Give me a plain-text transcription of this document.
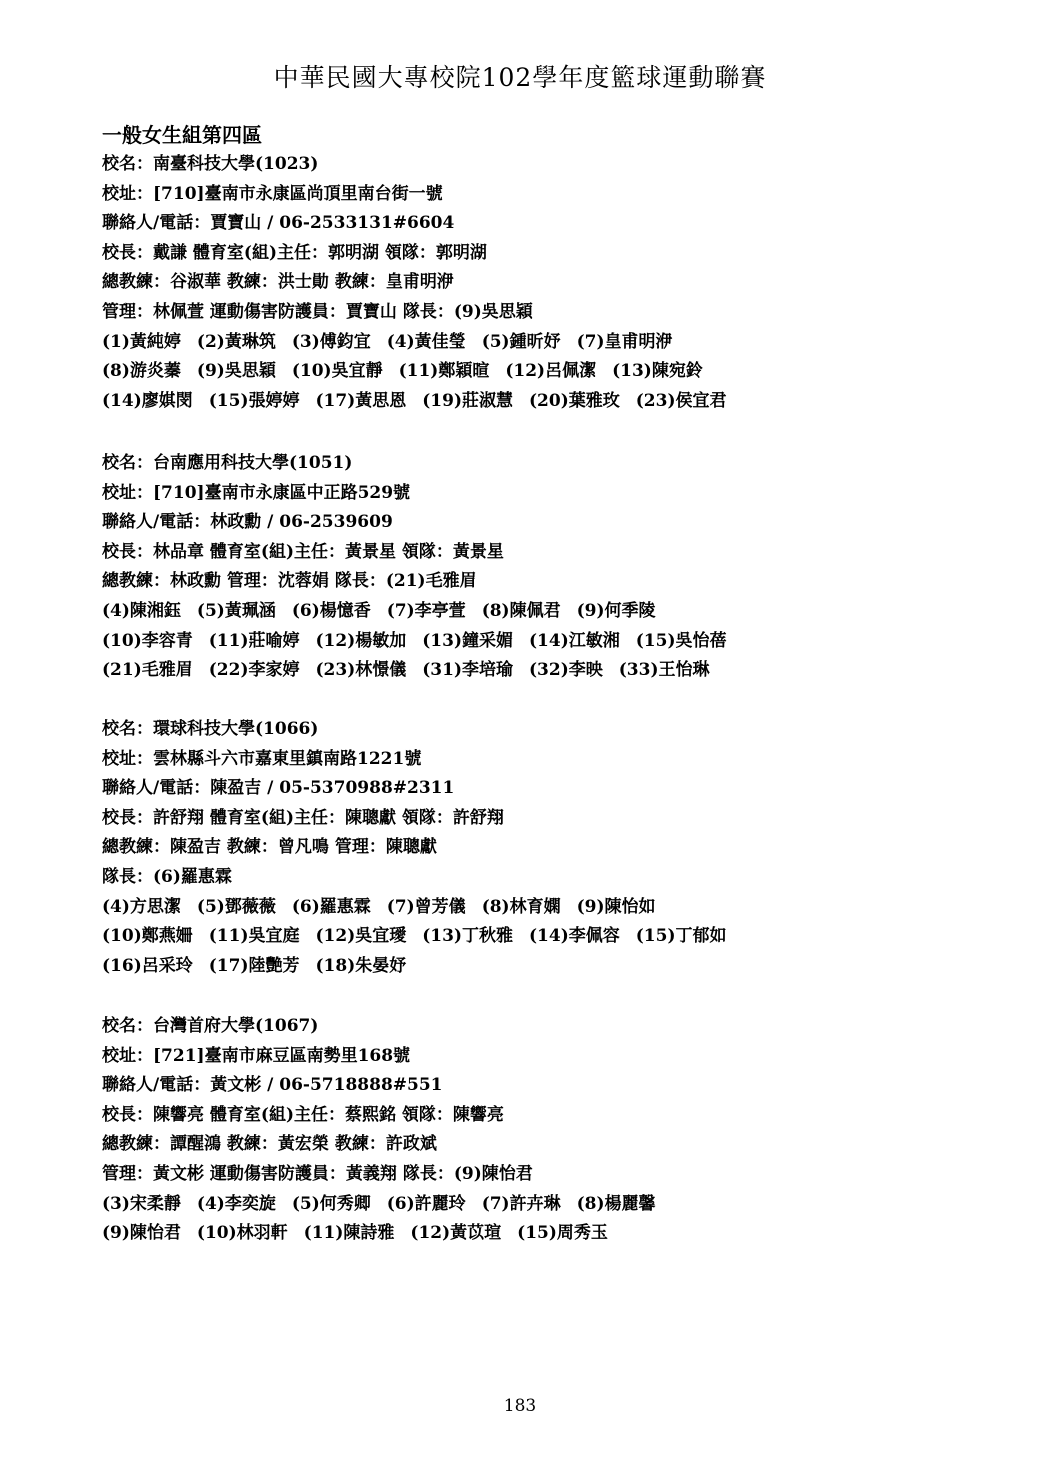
中華民國大專校院102學年度籃球運動聯賽
一般女生組第四區
校名：南臺科技大學(1023)
校址：[710]臺南市永康區尚頂里南台街一號
聯絡人/電話：賈寶山 / 06-2533131#6604
校長：戴謙 體育室(組)主任：郭明湖 領隊：郭明湖
總教練：谷淑華 教練：洪士勛 教練：皇甫明洢
管理：林佩萱 運動傷害防護員：賈寶山 隊長：(9)吳思穎
(1)黃純婷 (2)黃琳筑 (3)傅鈞宜 (4)黃佳瑩 (5)鍾昕妤 (7)皇甫明洢
(8)游炎蓁 (9)吳思穎 (10)吳宜靜 (11)鄭穎暄 (12)呂佩潔 (13)陳宛鈴
(14)廖娸閔 (15)張婷婷 (17)黃思恩 (19)莊淑慧 (20)葉雅玫 (23)侯宜君
校名：台南應用科技大學(1051)
校址：[710]臺南市永康區中正路529號
聯絡人/電話：林政勳 / 06-2539609
校長：林品章 體育室(組)主任：黃景星 領隊：黃景星
總教練：林政勳 管理：沈蓉娟 隊長：(21)毛雅眉
(4)陳湘鈺 (5)黃珮涵 (6)楊憶香 (7)李亭萱 (8)陳佩君 (9)何季陵
(10)李容青 (11)莊喻婷 (12)楊敏加 (13)鐘采媚 (14)江敏湘 (15)吳怡蓓
(21)毛雅眉 (22)李家婷 (23)林憬儀 (31)李培瑜 (32)李映 (33)王怡琳
校名：環球科技大學(1066)
校址：雲林縣斗六市嘉東里鎮南路1221號
聯絡人/電話：陳盈吉 / 05-5370988#2311
校長：許舒翔 體育室(組)主任：陳聰獻 領隊：許舒翔
總教練：陳盈吉 教練：曾凡鳴 管理：陳聰獻
隊長：(6)羅惠霖
(4)方思潔 (5)鄧薇薇 (6)羅惠霖 (7)曾芳儀 (8)林育嫻 (9)陳怡如
(10)鄭燕姍 (11)吳宜庭 (12)吳宜璦 (13)丁秋雅 (14)李佩容 (15)丁郁如
(16)呂采玲 (17)陸艷芳 (18)朱晏妤
校名：台灣首府大學(1067)
校址：[721]臺南市麻豆區南勢里168號
聯絡人/電話：黃文彬 / 06-5718888#551
校長：陳響亮 體育室(組)主任：蔡熙銘 領隊：陳響亮
總教練：譚醒鴻 教練：黃宏榮 教練：許政斌
管理：黃文彬 運動傷害防護員：黃義翔 隊長：(9)陳怡君
(3)宋柔靜 (4)李奕旋 (5)何秀卿 (6)許麗玲 (7)許卉琳 (8)楊麗馨
(9)陳怡君 (10)林羽軒 (11)陳詩雅 (12)黃苡瑄 (15)周秀玉
183
